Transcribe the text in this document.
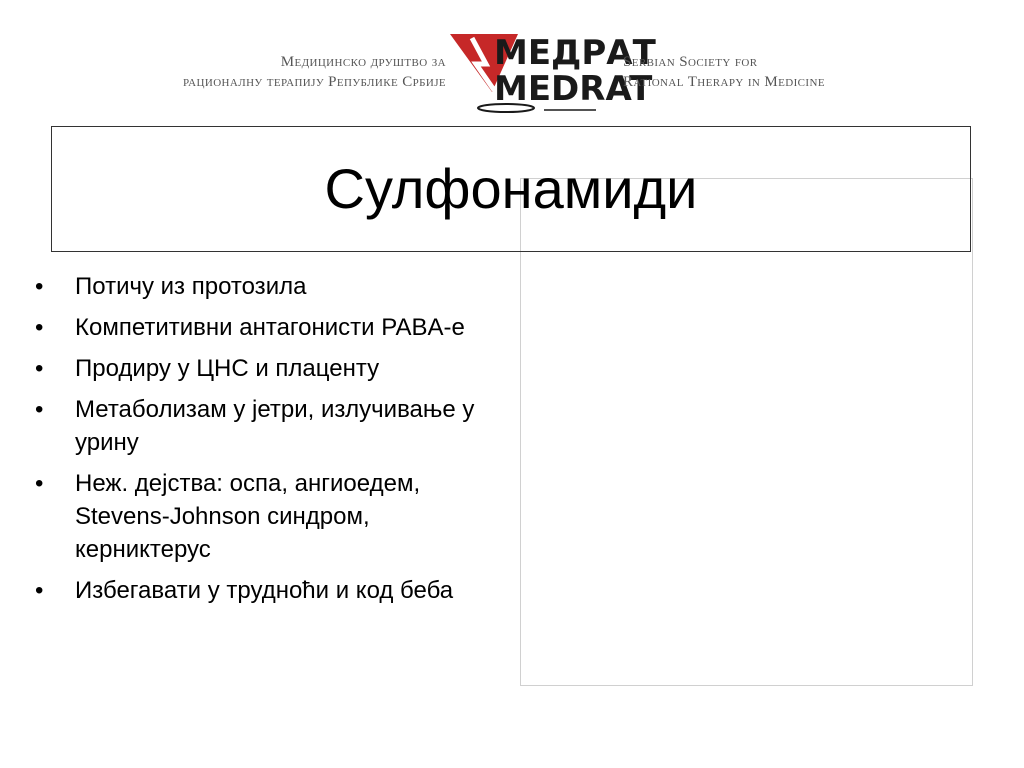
Медицинско друштво за
рационалну терапију Републике Србије
МЕДРАТ
MEDRAT
Serbian Society for
Rational Therapy in Medicine
Сулфонамиди
• Потичу из протозила
• Компетитивни антагонисти PABA-е
• Продиру у ЦНС и плаценту
• Метаболизам у јетри, излучивање у урину
• Неж. дејства: оспа, ангиоедем, Stevens-Johnson синдром, керниктерус
• Избегавати у трудноћи и код беба
